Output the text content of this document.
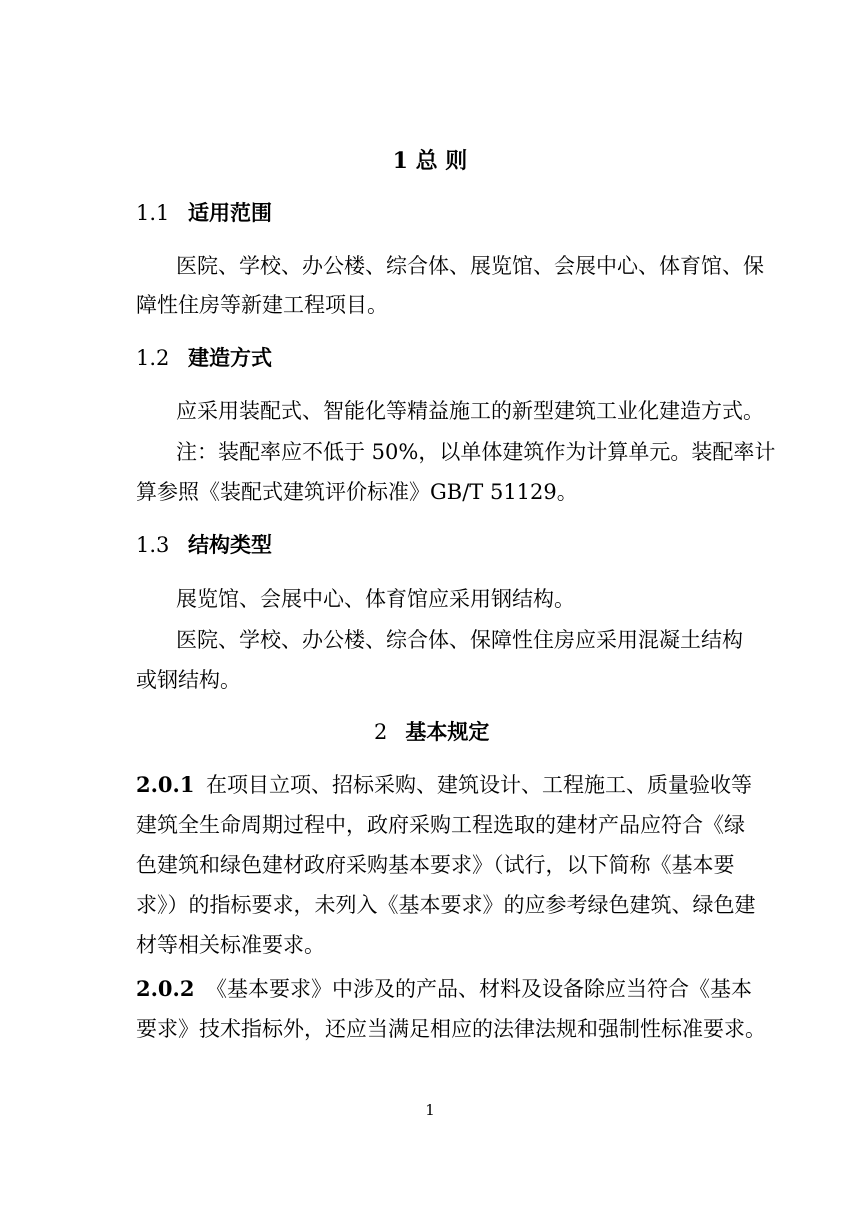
1 总 则
1.1 适用范围
医院、学校、办公楼、综合体、展览馆、会展中心、体育馆、保
障性住房等新建工程项目。
1.2 建造方式
应采用装配式、智能化等精益施工的新型建筑工业化建造方式。
注：装配率应不低于 50%，以单体建筑作为计算单元。装配率计
算参照《装配式建筑评价标准》GB/T 51129。
1.3 结构类型
展览馆、会展中心、体育馆应采用钢结构。
医院、学校、办公楼、综合体、保障性住房应采用混凝土结构
或钢结构。
2 基本规定
2.0.1 在项目立项、招标采购、建筑设计、工程施工、质量验收等
建筑全生命周期过程中，政府采购工程选取的建材产品应符合《绿
色建筑和绿色建材政府采购基本要求》（试行，以下简称《基本要
求》）的指标要求，未列入《基本要求》的应参考绿色建筑、绿色建
材等相关标准要求。
2.0.2 《基本要求》中涉及的产品、材料及设备除应当符合《基本
要求》技术指标外，还应当满足相应的法律法规和强制性标准要求。
1
